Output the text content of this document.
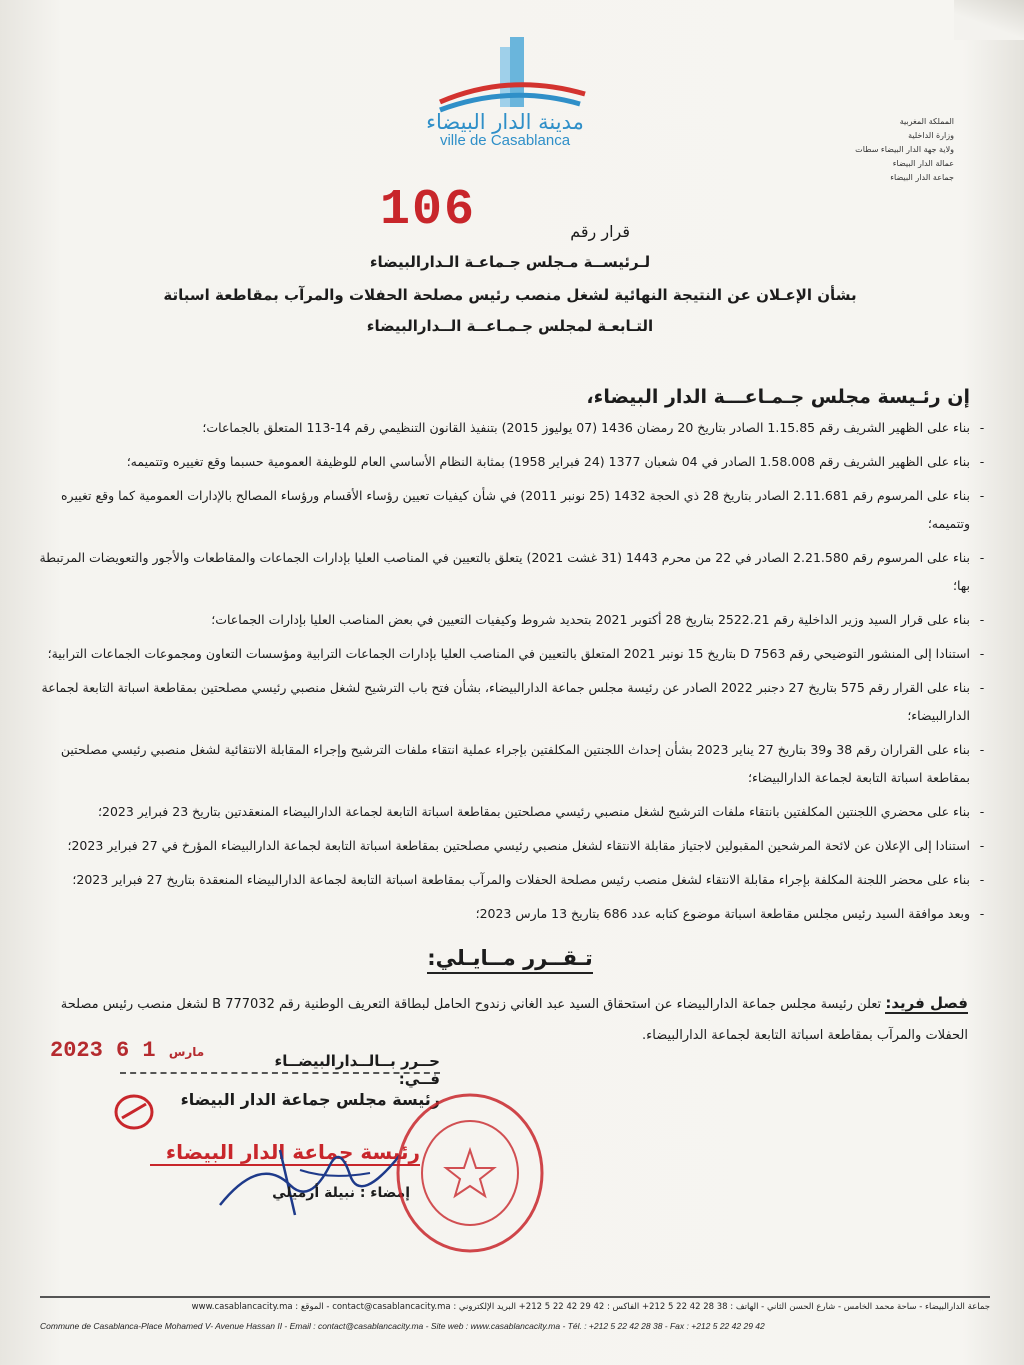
مدينة الدار البيضاء
ville de Casablanca
المملكة المغربية
وزارة الداخلية
ولاية جهة الدار البيضاء سطات
عمالة الدار البيضاء
جماعة الدار البيضاء
106	قرار رقم
لـرئيســة مـجلس جـماعـة الـدارالبيضاء
بشأن الإعـلان عن النتيجة النهائية لشغل منصب رئيس مصلحة الحفلات والمرآب بمقاطعة اسباتة
التـابعـة لمجلس جـمـاعــة الــدارالبيضاء
إن رئـيسة مجلس جـمـاعـــة الدار البيضاء،
-
بناء على الظهير الشريف رقم 1.15.85 الصادر بتاريخ 20 رمضان 1436 (07 يوليوز 2015) بتنفيذ القانون التنظيمي رقم 14-113 المتعلق بالجماعات؛
-
بناء على الظهير الشريف رقم 1.58.008 الصادر في 04 شعبان 1377 (24 فبراير 1958) بمثابة النظام الأساسي العام للوظيفة العمومية حسبما وقع تغييره وتتميمه؛
-
بناء على المرسوم رقم 2.11.681 الصادر بتاريخ 28 ذي الحجة 1432 (25 نونبر 2011) في شأن كيفيات تعيين رؤساء الأقسام ورؤساء المصالح بالإدارات العمومية كما وقع تغييره وتتميمه؛
-
بناء على المرسوم رقم 2.21.580 الصادر في 22 من محرم 1443 (31 غشت 2021) يتعلق بالتعيين في المناصب العليا بإدارات الجماعات والمقاطعات والأجور والتعويضات المرتبطة بها؛
-
بناء على قرار السيد وزير الداخلية رقم 2522.21 بتاريخ 28 أكتوبر 2021 بتحديد شروط وكيفيات التعيين في بعض المناصب العليا بإدارات الجماعات؛
-
استنادا إلى المنشور التوضيحي رقم D 7563 بتاريخ 15 نونبر 2021 المتعلق بالتعيين في المناصب العليا بإدارات الجماعات الترابية ومؤسسات التعاون ومجموعات الجماعات الترابية؛
-
بناء على القرار رقم 575 بتاريخ 27 دجنبر 2022 الصادر عن رئيسة مجلس جماعة الدارالبيضاء، بشأن فتح باب الترشيح لشغل منصبي رئيسي مصلحتين بمقاطعة اسباتة التابعة لجماعة الدارالبيضاء؛
-
بناء على القراران رقم 38 و39 بتاريخ 27 يناير 2023 بشأن إحداث اللجنتين المكلفتين بإجراء عملية انتقاء ملفات الترشيح وإجراء المقابلة الانتقائية لشغل منصبي رئيسي مصلحتين بمقاطعة اسباتة التابعة لجماعة الدارالبيضاء؛
-
بناء على محضري اللجنتين المكلفتين بانتقاء ملفات الترشيح لشغل منصبي رئيسي مصلحتين بمقاطعة اسباتة التابعة لجماعة الدارالبيضاء المنعقدتين بتاريخ 23 فبراير 2023؛
-
استنادا إلى الإعلان عن لائحة المرشحين المقبولين لاجتياز مقابلة الانتقاء لشغل منصبي رئيسي مصلحتين بمقاطعة اسباتة التابعة لجماعة الدارالبيضاء المؤرخ في 27 فبراير 2023؛
-
بناء على محضر اللجنة المكلفة بإجراء مقابلة الانتقاء لشغل منصب رئيس مصلحة الحفلات والمرآب بمقاطعة اسباتة التابعة لجماعة الدارالبيضاء المنعقدة بتاريخ 27 فبراير 2023؛
-
وبعد موافقة السيد رئيس مجلس مقاطعة اسباتة موضوع كتابه عدد 686 بتاريخ 13 مارس 2023؛
تـقــرر مــايـلي:
فصل فريد: تعلن رئيسة مجلس جماعة الدارالبيضاء عن استحقاق السيد عبد الغاني زندوح الحامل لبطاقة التعريف الوطنية رقم B 777032 لشغل منصب رئيس مصلحة الحفلات والمرآب بمقاطعة اسباتة التابعة لجماعة الدارالبيضاء.
2023	مارس 1 6	حــرر بــالــدارالبيضــاء فــي:
رئيسة مجلس جماعة الدار البيضاء
رئيسة جماعة الدار البيضاء
إمضاء : نبيلة أرميلي
جماعة الدارالبيضاء - ساحة محمد الخامس - شارع الحسن الثاني - الهاتف : 38 28 42 22 5 212+ الفاكس : 42 29 42 22 5 212+ البريد الإلكتروني : contact@casablancacity.ma - الموقع : www.casablancacity.ma
Commune de Casablanca-Place Mohamed V- Avenue Hassan II - Email : contact@casablancacity.ma - Site web : www.casablancacity.ma - Tél. : +212 5 22 42 28 38 - Fax : +212 5 22 42 29 42
